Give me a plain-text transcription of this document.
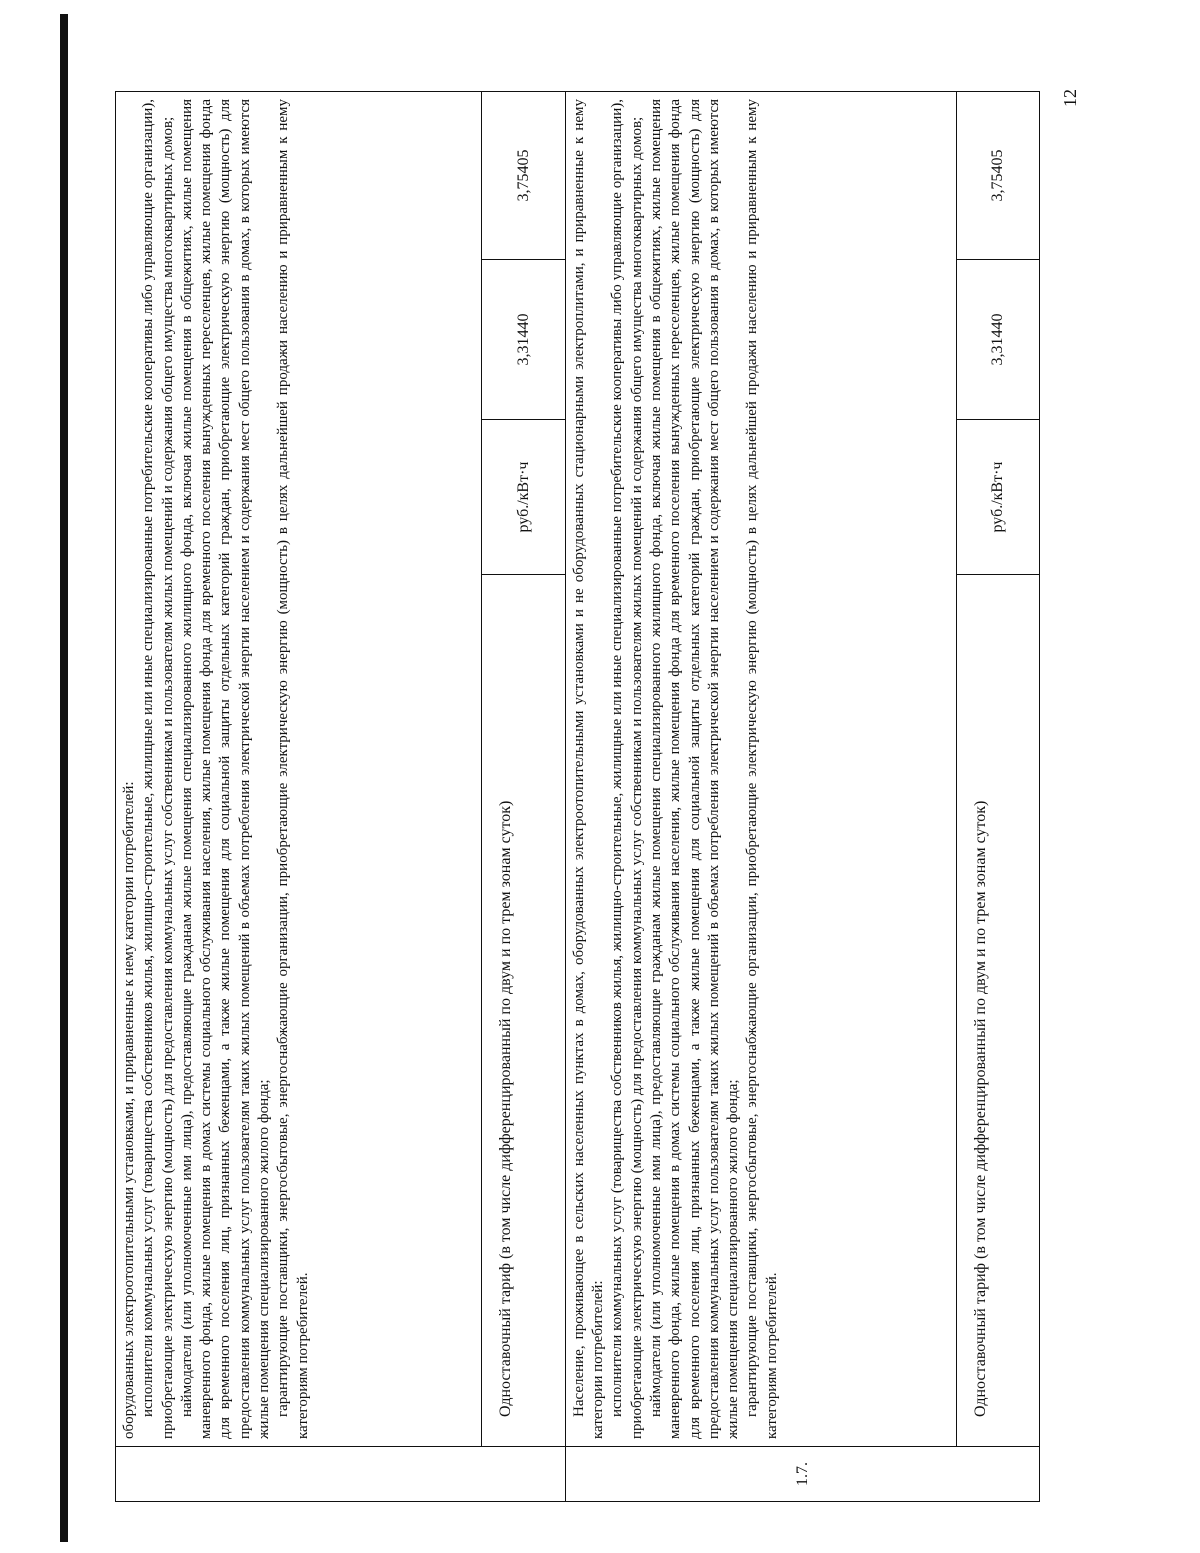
12

	оборудованных электроотопительными установками, и приравненные к нему категории потребителей: исполнители коммунальных услуг (товарищества собственников жилья, жилищно-строительные, жилищные или иные специализированные потребительские кооперативы либо управляющие организации), приобретающие электрическую энергию (мощность) для предоставления коммунальных услуг собственникам и пользователям жилых помещений и содержания общего имущества многоквартирных домов; наймодатели (или уполномоченные ими лица), предоставляющие гражданам жилые помещения специализированного жилищного фонда, включая жилые помещения в общежитиях, жилые помещения маневренного фонда, жилые помещения в домах системы социального обслуживания населения, жилые помещения фонда для временного поселения вынужденных переселенцев, жилые помещения фонда для временного поселения лиц, признанных беженцами, а также жилые помещения для социальной защиты отдельных категорий граждан, приобретающие электрическую энергию (мощность) для предоставления коммунальных услуг пользователям таких жилых помещений в объемах потребления электрической энергии населением и содержания мест общего пользования в домах, в которых имеются жилые помещения специализированного жилого фонда; гарантирующие поставщики, энергосбытовые, энергоснабжающие организации, приобретающие электрическую энергию (мощность) в целях дальнейшей продажи населению и приравненным к нему категориям потребителей.			

	Одноставочный тариф (в том числе дифференцированный по двум и по трем зонам суток)	руб./кВт·ч	3,31440	3,75405
1.7.	Население, проживающее в сельских населенных пунктах в домах, оборудованных электроотопительными установками и не оборудованных стационарными электроплитами, и приравненные к нему категории потребителей: исполнители коммунальных услуг (товарищества собственников жилья, жилищно-строительные, жилищные или иные специализированные потребительские кооперативы либо управляющие организации), приобретающие электрическую энергию (мощность) для предоставления коммунальных услуг собственникам и пользователям жилых помещений и содержания общего имущества многоквартирных домов; наймодатели (или уполномоченные ими лица), предоставляющие гражданам жилые помещения специализированного жилищного фонда, включая жилые помещения в общежитиях, жилые помещения маневренного фонда, жилые помещения в домах системы социального обслуживания населения, жилые помещения фонда для временного поселения вынужденных переселенцев, жилые помещения фонда для временного поселения лиц, признанных беженцами, а также жилые помещения для социальной защиты отдельных категорий граждан, приобретающие электрическую энергию (мощность) для предоставления коммунальных услуг пользователям таких жилых помещений в объемах потребления электрической энергии населением и содержания мест общего пользования в домах, в которых имеются жилые помещения специализированного жилого фонда; гарантирующие поставщики, энергосбытовые, энергоснабжающие организации, приобретающие электрическую энергию (мощность) в целях дальнейшей продажи населению и приравненным к нему категориям потребителей.			

	Одноставочный тариф (в том числе дифференцированный по двум и по трем зонам суток)	руб./кВт·ч	3,31440	3,75405
